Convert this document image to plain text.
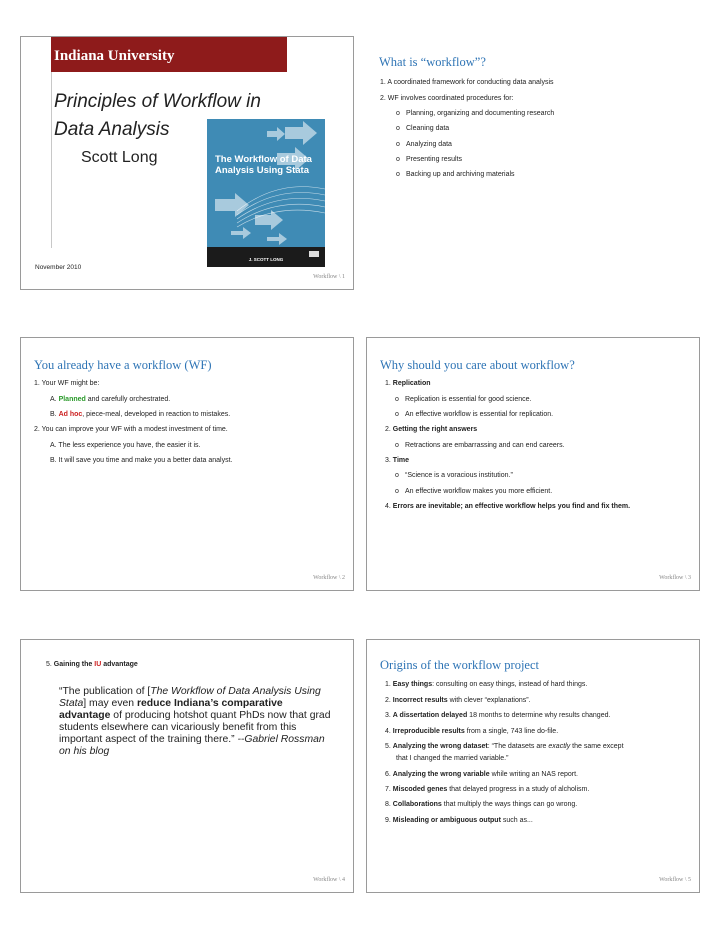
Indiana University
Principles of Workflow in
Data Analysis
Scott Long	The Workflow of Data
Analysis Using Stata
J. SCOTT LONG
November 2010
Workflow \ 1
What is “workflow”?
1. A coordinated framework for conducting data analysis
2. WF involves coordinated procedures for:
o Planning, organizing and documenting research
o Cleaning data
o Analyzing data
o Presenting results
o Backing up and archiving materials
You already have a workflow (WF)
1. Your WF might be:
A. Planned and carefully orchestrated.
B. Ad hoc, piece-meal, developed in reaction to mistakes.
2. You can improve your WF with a modest investment of time.
A. The less experience you have, the easier it is.
B. It will save you time and make you a better data analyst.
Workflow \ 2
Why should you care about workflow?
1. Replication
o Replication is essential for good science.
o An effective workflow is essential for replication.
2. Getting the right answers
o Retractions are embarrassing and can end careers.
3. Time
o “Science is a voracious institution.”
o An effective workflow makes you more efficient.
4. Errors are inevitable; an effective workflow helps you find and fix them.
Workflow \ 3
5. Gaining the IU advantage
“The publication of [The Workflow of Data Analysis Using Stata] may even reduce Indiana’s comparative advantage of producing hotshot quant PhDs now that grad students elsewhere can vicariously benefit from this important aspect of the training there.” --Gabriel Rossman on his blog
Workflow \ 4
Origins of the workflow project
1. Easy things: consulting on easy things, instead of hard things.
2. Incorrect results with clever “explanations”.
3. A dissertation delayed 18 months to determine why results changed.
4. Irreproducible results from a single, 743 line do-file.
5. Analyzing the wrong dataset: “The datasets are exactly the same except
that I changed the married variable.”
6. Analyzing the wrong variable while writing an NAS report.
7. Miscoded genes that delayed progress in a study of alcholism.
8. Collaborations that multiply the ways things can go wrong.
9. Misleading or ambiguous output such as...
Workflow \ 5
